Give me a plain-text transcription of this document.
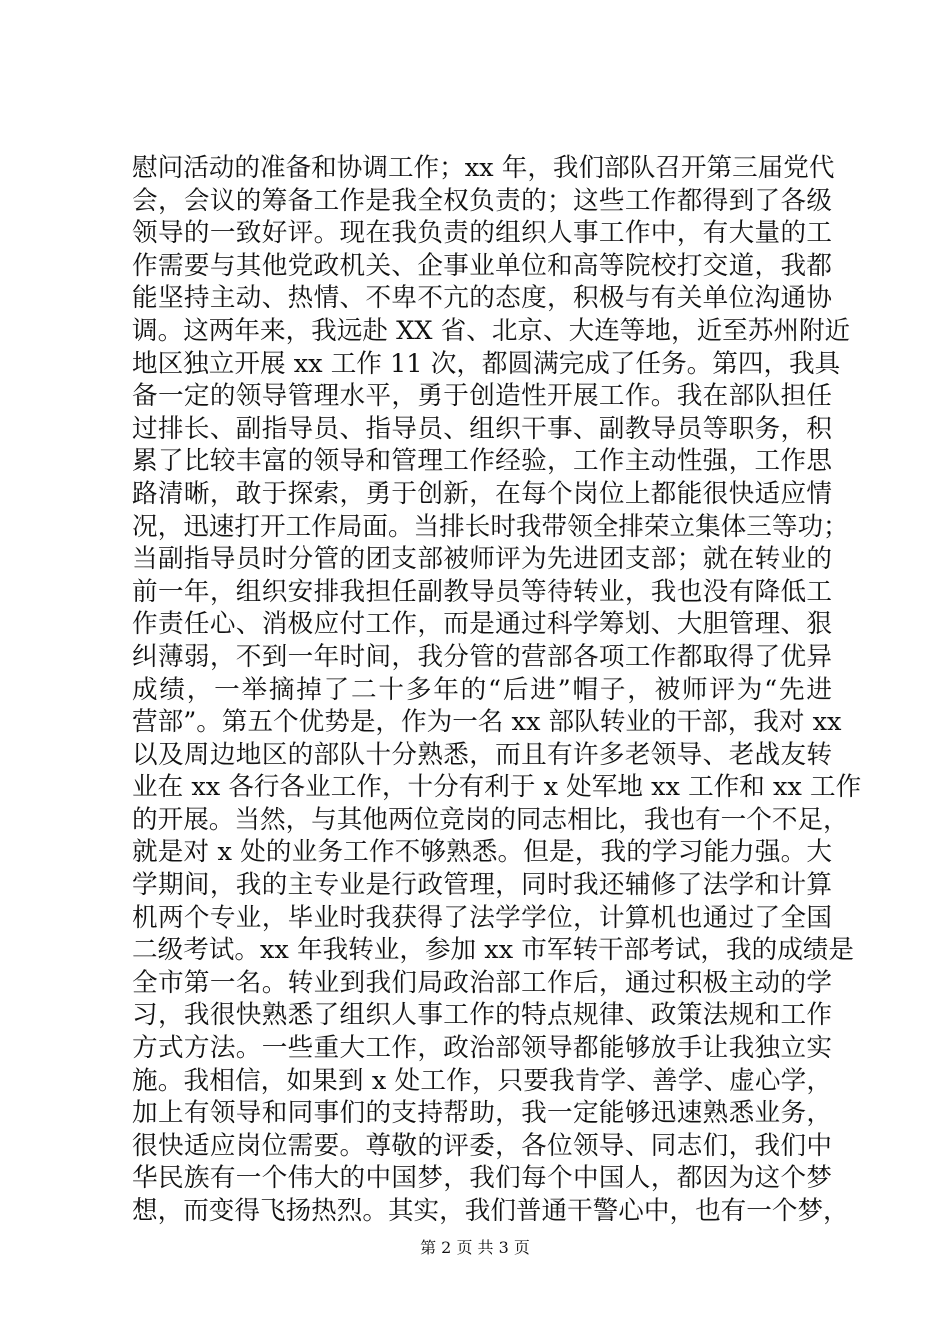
慰问活动的准备和协调工作；xx 年，我们部队召开第三届党代
会，会议的筹备工作是我全权负责的；这些工作都得到了各级
领导的一致好评。现在我负责的组织人事工作中，有大量的工
作需要与其他党政机关、企事业单位和高等院校打交道，我都
能坚持主动、热情、不卑不亢的态度，积极与有关单位沟通协
调。这两年来，我远赴 XX 省、北京、大连等地，近至苏州附近
地区独立开展 xx 工作 11 次，都圆满完成了任务。第四，我具
备一定的领导管理水平，勇于创造性开展工作。我在部队担任
过排长、副指导员、指导员、组织干事、副教导员等职务，积
累了比较丰富的领导和管理工作经验，工作主动性强，工作思
路清晰，敢于探索，勇于创新，在每个岗位上都能很快适应情
况，迅速打开工作局面。当排长时我带领全排荣立集体三等功；
当副指导员时分管的团支部被师评为先进团支部；就在转业的
前一年，组织安排我担任副教导员等待转业，我也没有降低工
作责任心、消极应付工作，而是通过科学筹划、大胆管理、狠
纠薄弱，不到一年时间，我分管的营部各项工作都取得了优异
成绩，一举摘掉了二十多年的“后进”帽子，被师评为“先进
营部”。第五个优势是，作为一名 xx 部队转业的干部，我对 xx
以及周边地区的部队十分熟悉，而且有许多老领导、老战友转
业在 xx 各行各业工作，十分有利于 x 处军地 xx 工作和 xx 工作
的开展。当然，与其他两位竞岗的同志相比，我也有一个不足，
就是对 x 处的业务工作不够熟悉。但是，我的学习能力强。大
学期间，我的主专业是行政管理，同时我还辅修了法学和计算
机两个专业，毕业时我获得了法学学位，计算机也通过了全国
二级考试。xx 年我转业，参加 xx 市军转干部考试，我的成绩是
全市第一名。转业到我们局政治部工作后，通过积极主动的学
习，我很快熟悉了组织人事工作的特点规律、政策法规和工作
方式方法。一些重大工作，政治部领导都能够放手让我独立实
施。我相信，如果到 x 处工作，只要我肯学、善学、虚心学，
加上有领导和同事们的支持帮助，我一定能够迅速熟悉业务，
很快适应岗位需要。尊敬的评委，各位领导、同志们，我们中
华民族有一个伟大的中国梦，我们每个中国人，都因为这个梦
想，而变得飞扬热烈。其实，我们普通干警心中，也有一个梦，
第 2 页 共 3 页
